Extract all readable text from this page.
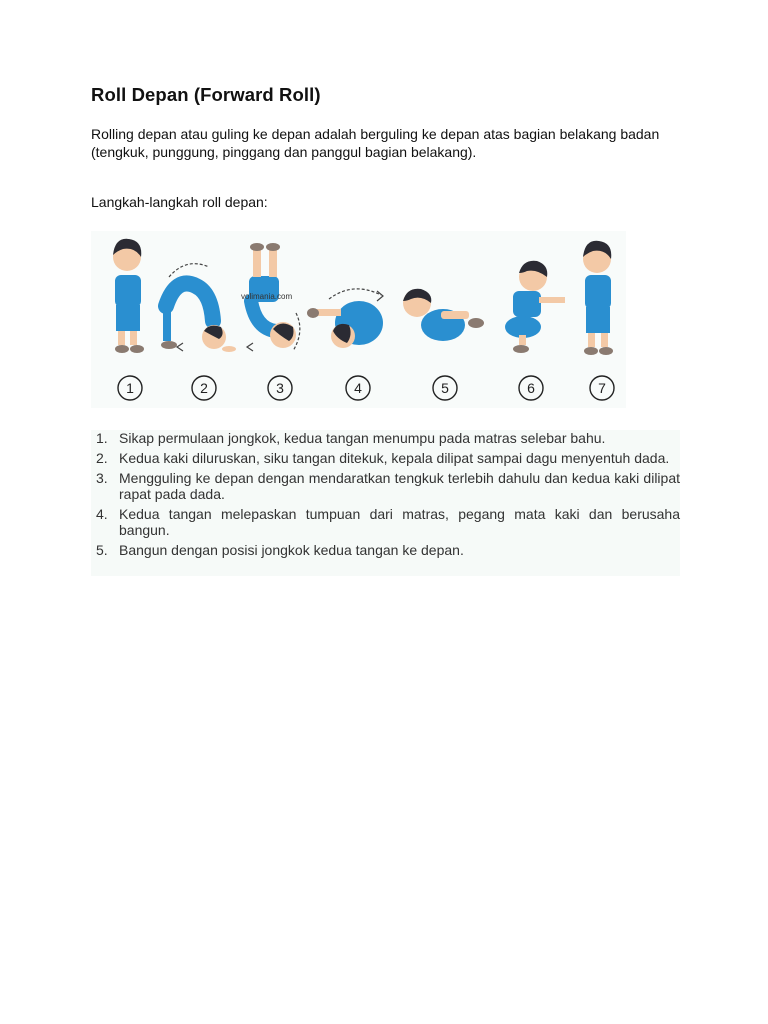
Roll Depan (Forward Roll)
Rolling depan atau guling ke depan adalah berguling ke depan atas bagian belakang badan (tengkuk, punggung, pinggang dan panggul bagian belakang).
Langkah-langkah roll depan:
volimania.com
1	2	3	4	5	6	7
1. Sikap permulaan jongkok, kedua tangan menumpu pada matras selebar bahu.
2. Kedua kaki diluruskan, siku tangan ditekuk, kepala dilipat sampai dagu menyentuh dada.
3. Mengguling ke depan dengan mendaratkan tengkuk terlebih dahulu dan kedua kaki dilipat rapat pada dada.
4. Kedua tangan melepaskan tumpuan dari matras, pegang mata kaki dan berusaha bangun.
5. Bangun dengan posisi jongkok kedua tangan ke depan.
